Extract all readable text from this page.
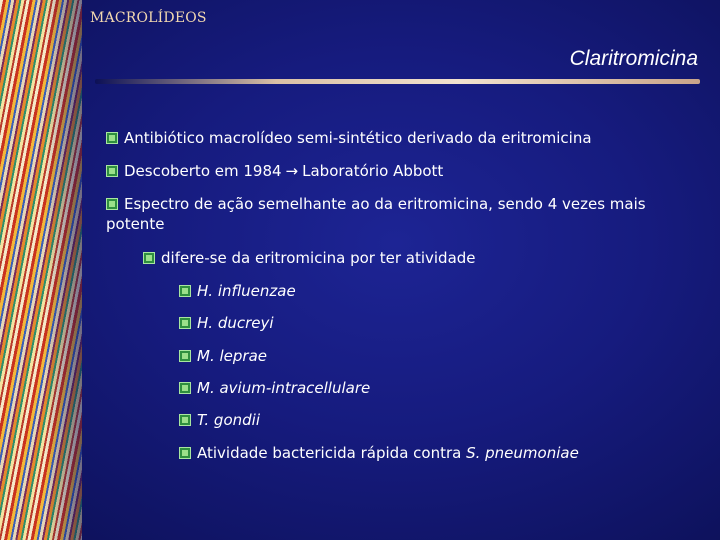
MACROLÍDEOS
Claritromicina
Antibiótico macrolídeo semi-sintético derivado da eritromicina
Descoberto em 1984 → Laboratório Abbott
Espectro de ação semelhante ao da eritromicina, sendo 4 vezes mais potente
difere-se da eritromicina por ter atividade
H. influenzae
H. ducreyi
M. leprae
M. avium-intracellulare
T. gondii
Atividade bactericida rápida contra S. pneumoniae
